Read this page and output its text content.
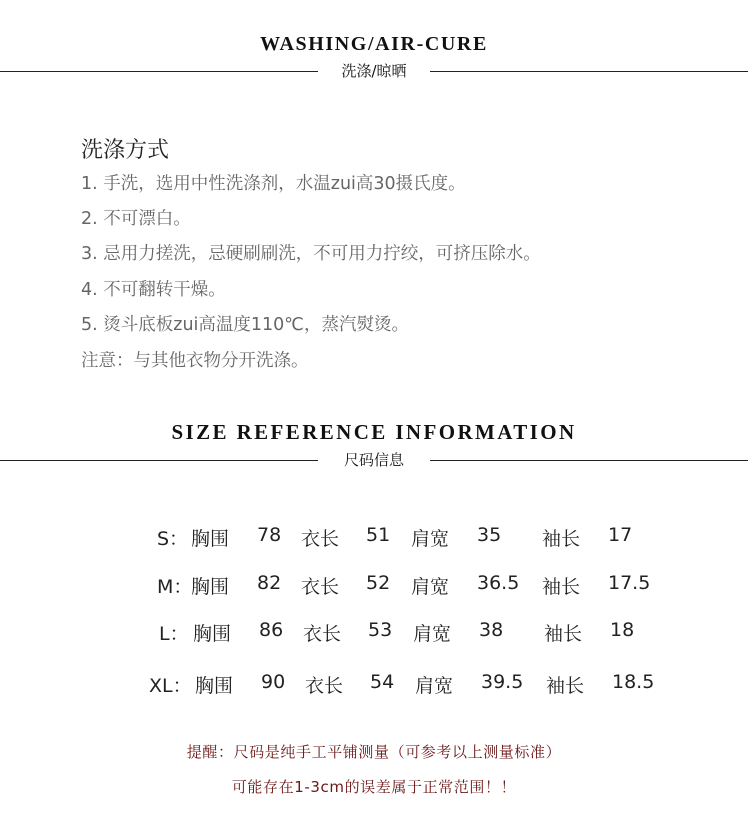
WASHING/AIR-CURE
洗涤/晾晒
洗涤方式
1. 手洗，选用中性洗涤剂，水温zui高30摄氏度。
2. 不可漂白。
3. 忌用力搓洗，忌硬刷刷洗，不可用力拧绞，可挤压除水。
4. 不可翻转干燥。
5. 烫斗底板zui高温度110℃，蒸汽熨烫。
注意：与其他衣物分开洗涤。
SIZE REFERENCE INFORMATION
尺码信息
S： 胸围 78 衣长 51 肩宽 35 袖长 17
M：
胸围 82 衣长 52 肩宽 36.5 袖长 17.5
L： 胸围 86 衣长 53 肩宽 38 袖长 18
XL： 胸围 90 衣长 54 肩宽 39.5 袖长 18.5
提醒：尺码是纯手工平铺测量（可参考以上测量标准）
可能存在1-3cm的误差属于正常范围！！
